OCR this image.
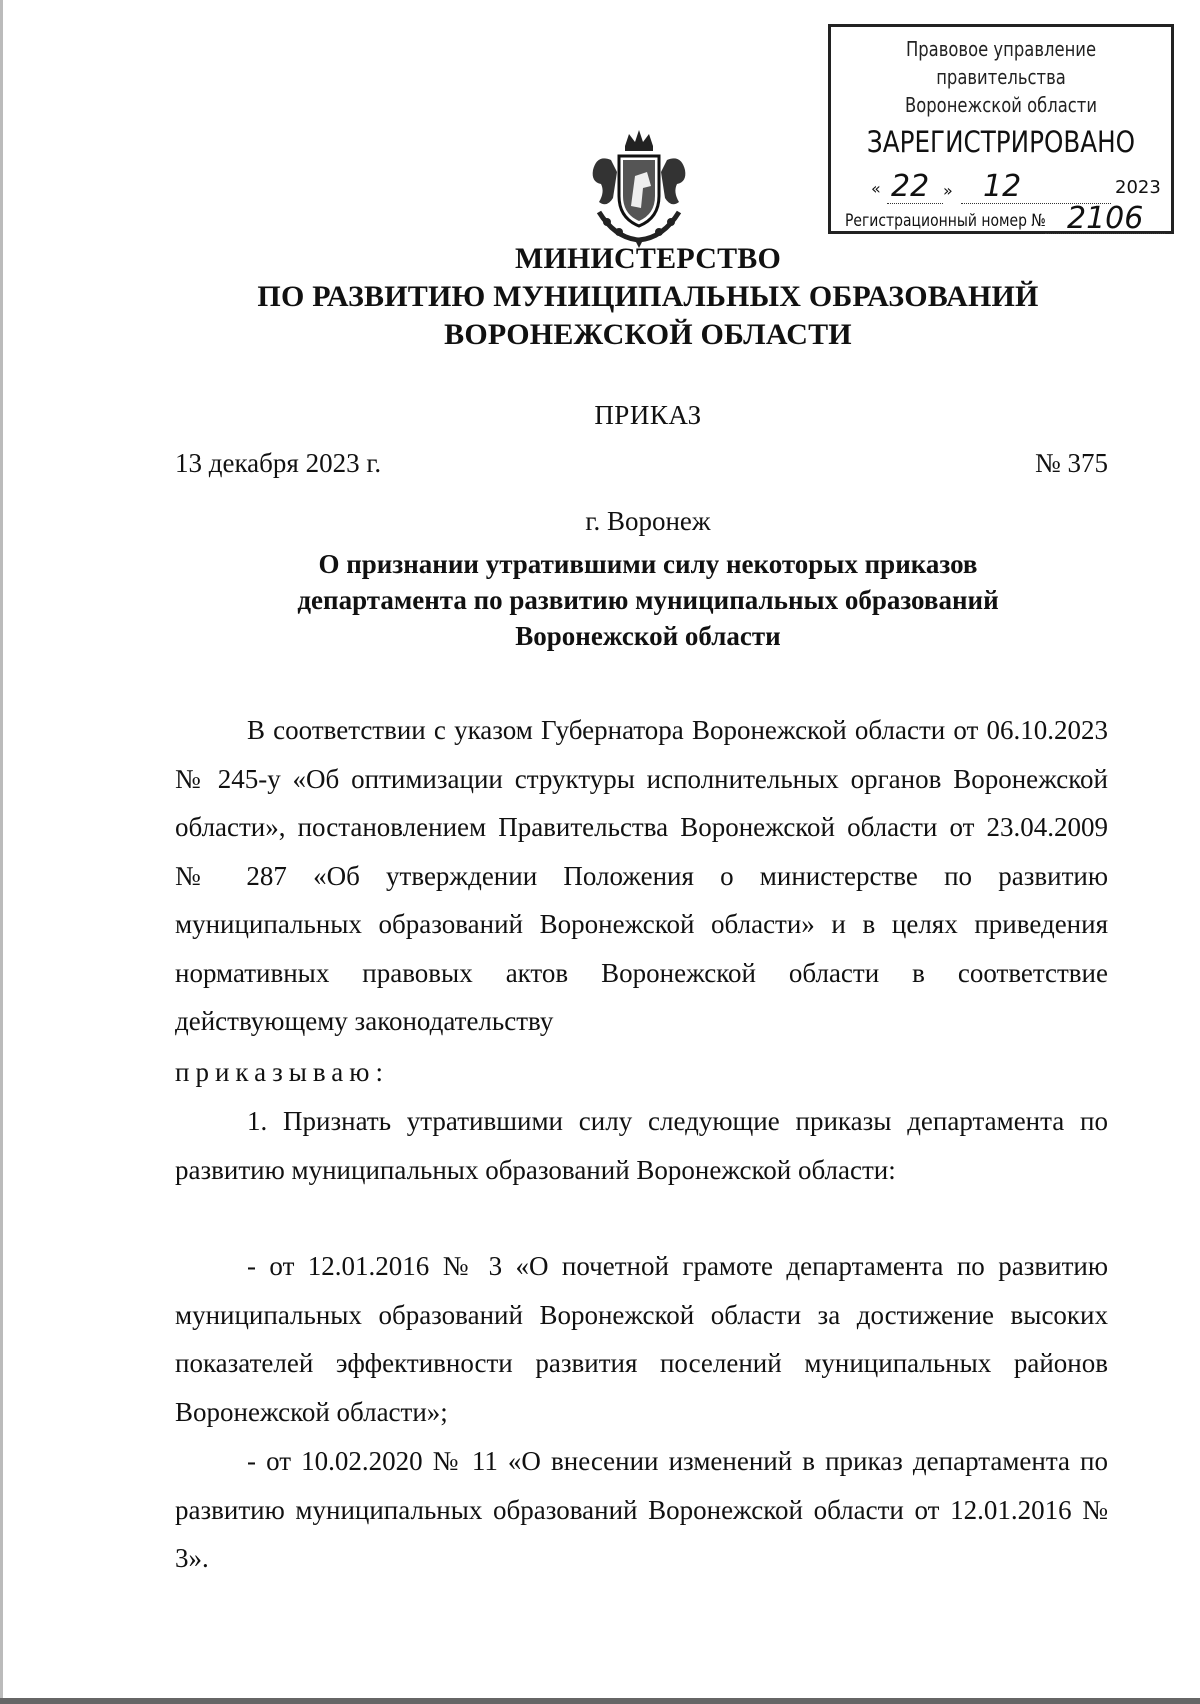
Правовое управление правительства
Воронежской области
ЗАРЕГИСТРИРОВАНО
« 22 » 12	2023
Регистрационный номер № 2106
МИНИСТЕРСТВО
ПО РАЗВИТИЮ МУНИЦИПАЛЬНЫХ ОБРАЗОВАНИЙ
ВОРОНЕЖСКОЙ ОБЛАСТИ
ПРИКАЗ
13 декабря 2023 г.	№ 375
г. Воронеж
О признании утратившими силу некоторых приказов
департамента по развитию муниципальных образований
Воронежской области
В соответствии с указом Губернатора Воронежской области от 06.10.2023 № 245-у «Об оптимизации структуры исполнительных органов Воронежской области», постановлением Правительства Воронежской области от 23.04.2009 № 287 «Об утверждении Положения о министерстве по развитию муниципальных образований Воронежской области» и в целях приведения нормативных правовых актов Воронежской области в соответствие действующему законодательству
приказываю:
1. Признать утратившими силу следующие приказы департамента по развитию муниципальных образований Воронежской области:
- от 12.01.2016 № 3 «О почетной грамоте департамента по развитию муниципальных образований Воронежской области за достижение высоких показателей эффективности развития поселений муниципальных районов Воронежской области»;
- от 10.02.2020 № 11 «О внесении изменений в приказ департамента по развитию муниципальных образований Воронежской области от 12.01.2016 № 3».
